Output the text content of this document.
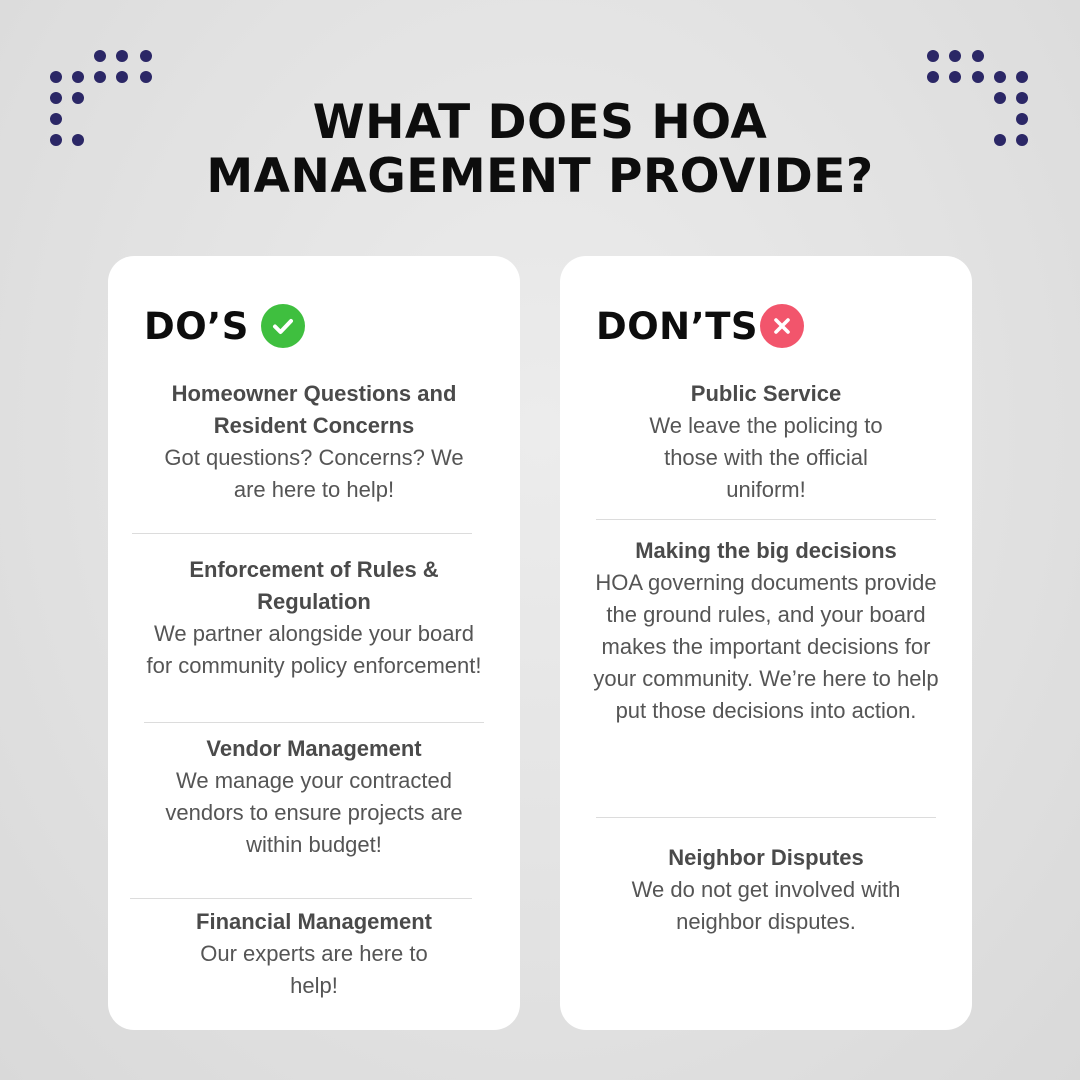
WHAT DOES HOA
MANAGEMENT PROVIDE?
DO’S
Homeowner Questions and Resident Concerns
Got questions? Concerns? We are here to help!
Enforcement of Rules & Regulation
We partner alongside your board for community policy enforcement!
Vendor Management
We manage your contracted vendors to ensure projects are within budget!
Financial Management
Our experts are here to help!
DON’TS
Public Service
We leave the policing to those with the official uniform!
Making the big decisions
HOA governing documents provide the ground rules, and your board makes the important decisions for your community. We’re here to help put those decisions into action.
Neighbor Disputes
We do not get involved with neighbor disputes.
